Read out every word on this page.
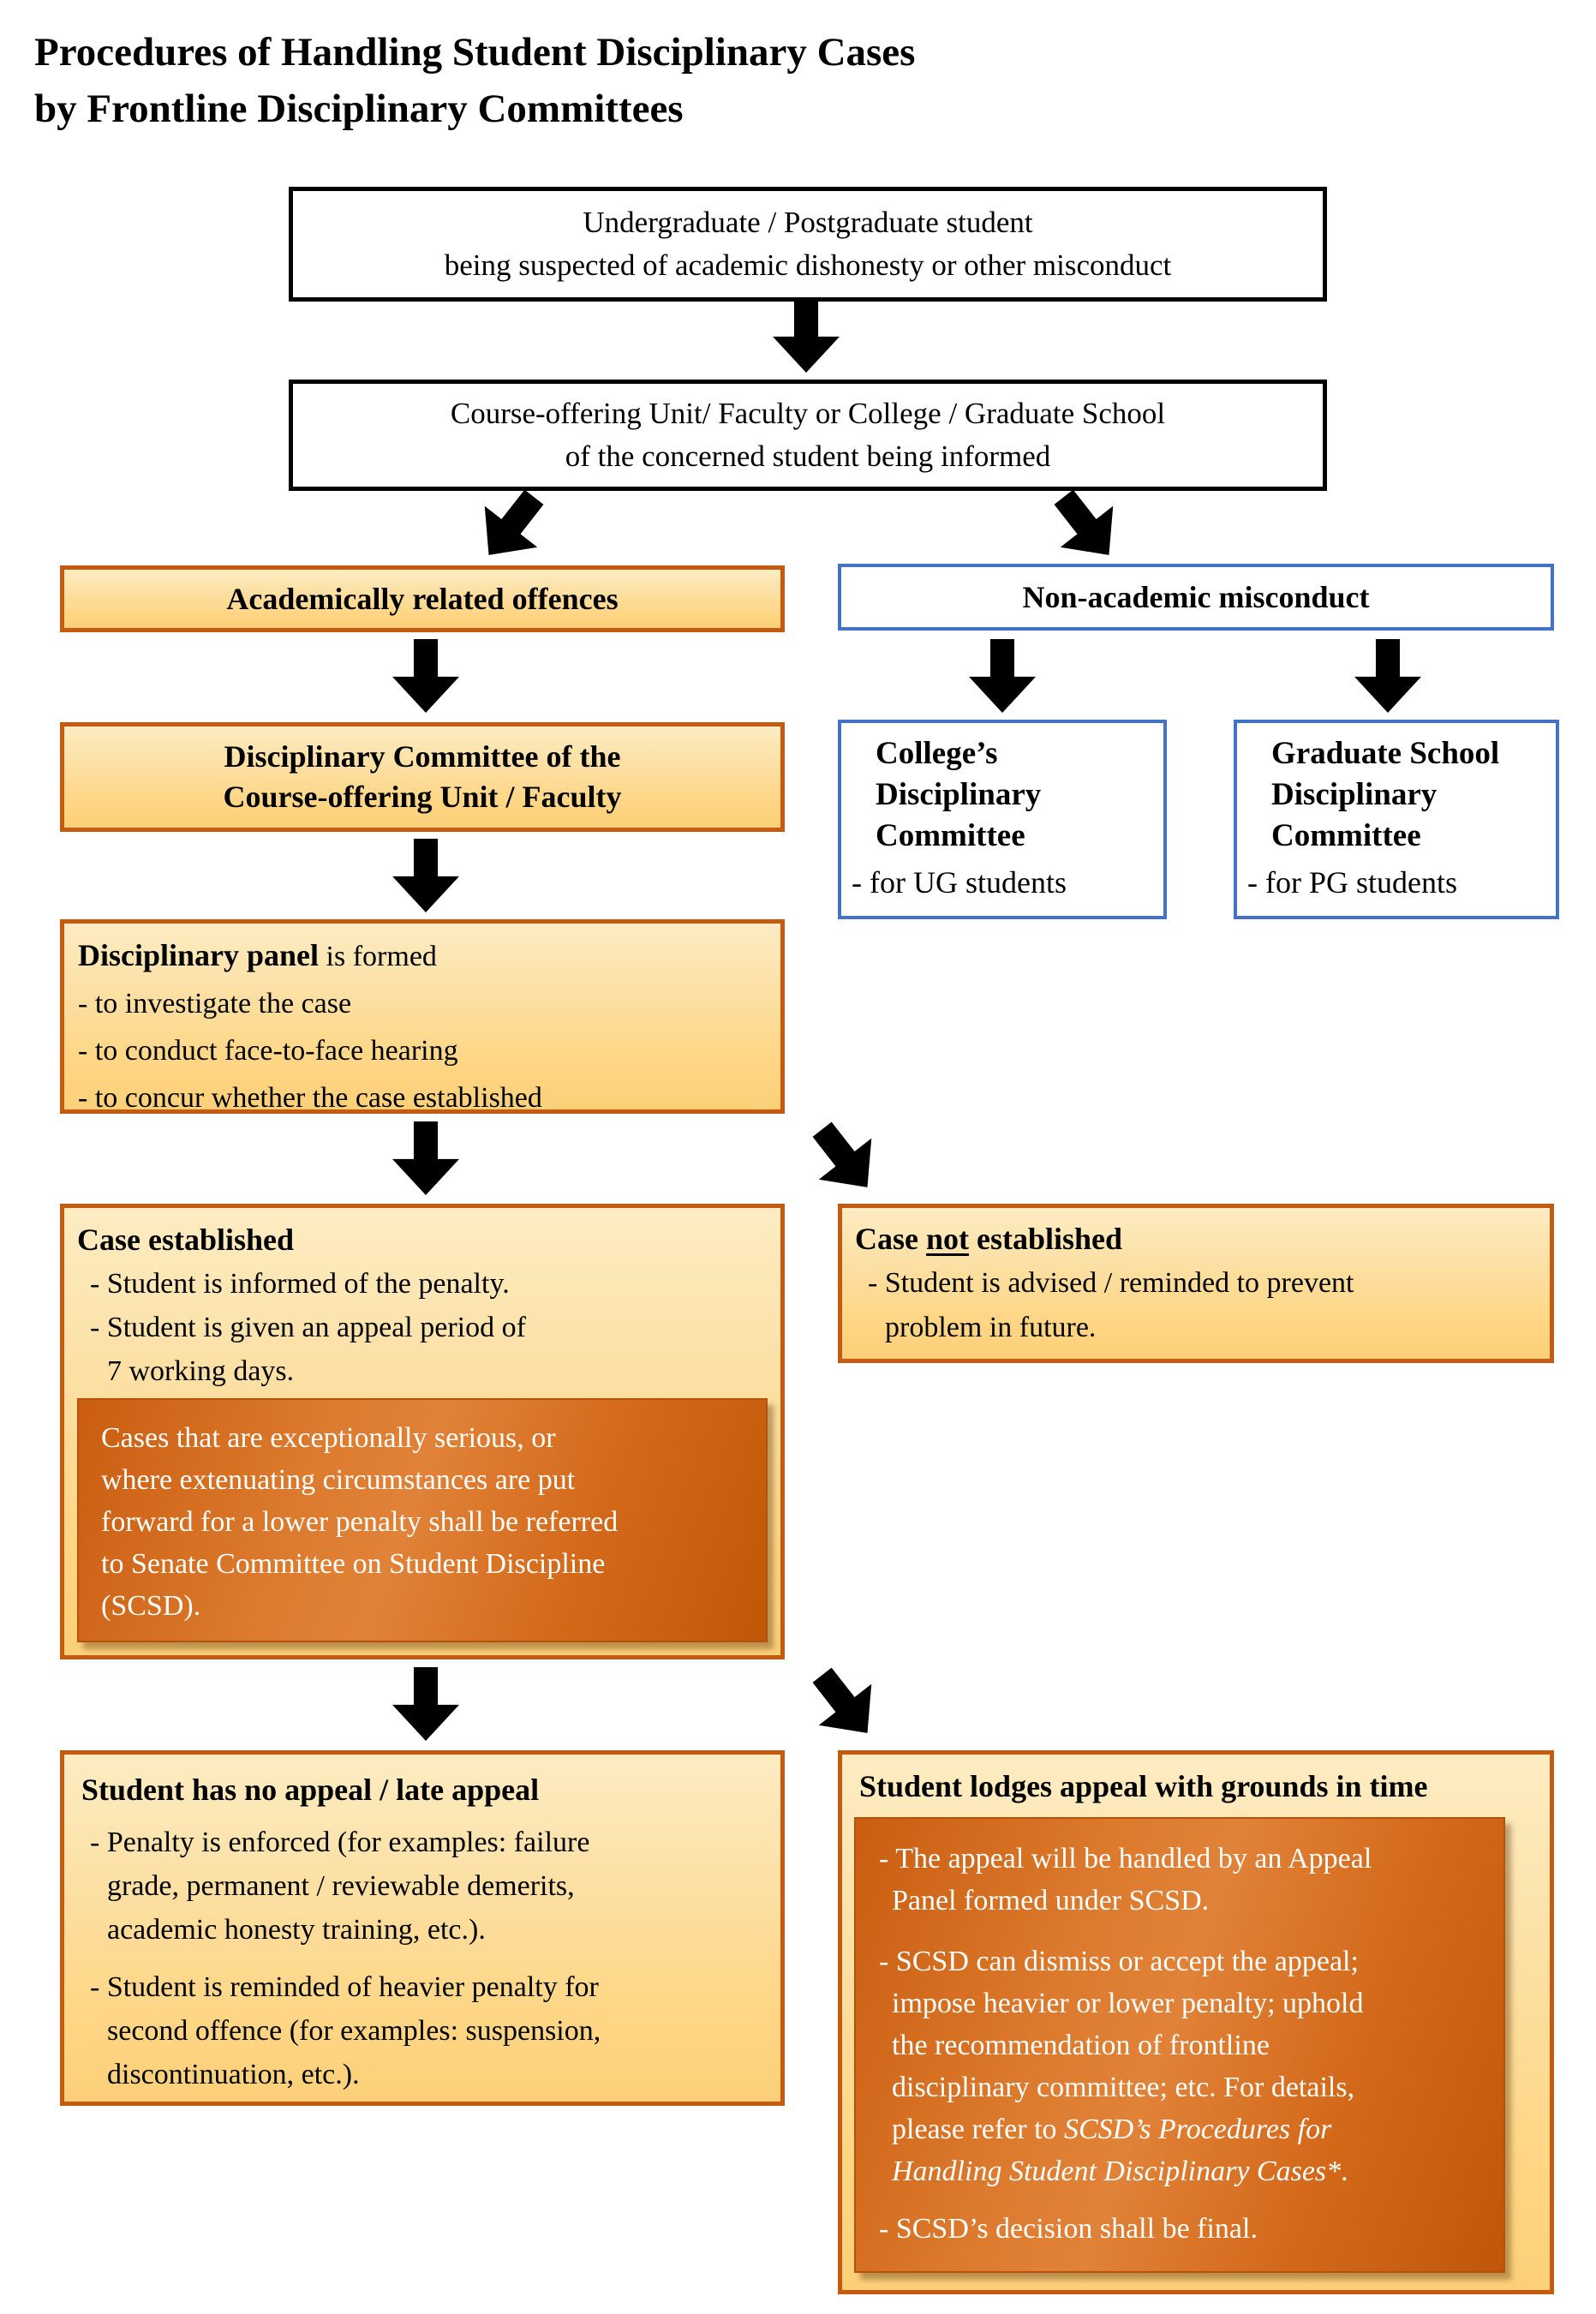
Procedures of Handling Student Disciplinary Cases
by Frontline Disciplinary Committees
Undergraduate / Postgraduate student
being suspected of academic dishonesty or other misconduct
Course-offering Unit/ Faculty or College / Graduate School
of the concerned student being informed
Academically related offences	Non-academic misconduct
Disciplinary Committee of the
Course-offering Unit / Faculty
College’s
Disciplinary
Committee
- for UG students
Graduate School
Disciplinary
Committee
- for PG students
Disciplinary panel is formed
- to investigate the case
- to conduct face-to-face hearing
- to concur whether the case established
Case established
- Student is informed of the penalty.
- Student is given an appeal period of
7 working days.
Cases that are exceptionally serious, or
where extenuating circumstances are put
forward for a lower penalty shall be referred
to Senate Committee on Student Discipline
(SCSD).
Case not established
- Student is advised / reminded to prevent
problem in future.
Student has no appeal / late appeal
- Penalty is enforced (for examples: failure
grade, permanent / reviewable demerits,
academic honesty training, etc.).
- Student is reminded of heavier penalty for
second offence (for examples: suspension,
discontinuation, etc.).
Student lodges appeal with grounds in time
- The appeal will be handled by an Appeal
Panel formed under SCSD.
- SCSD can dismiss or accept the appeal;
impose heavier or lower penalty; uphold
the recommendation of frontline
disciplinary committee; etc. For details,
please refer to SCSD’s Procedures for
Handling Student Disciplinary Cases*.
- SCSD’s decision shall be final.
